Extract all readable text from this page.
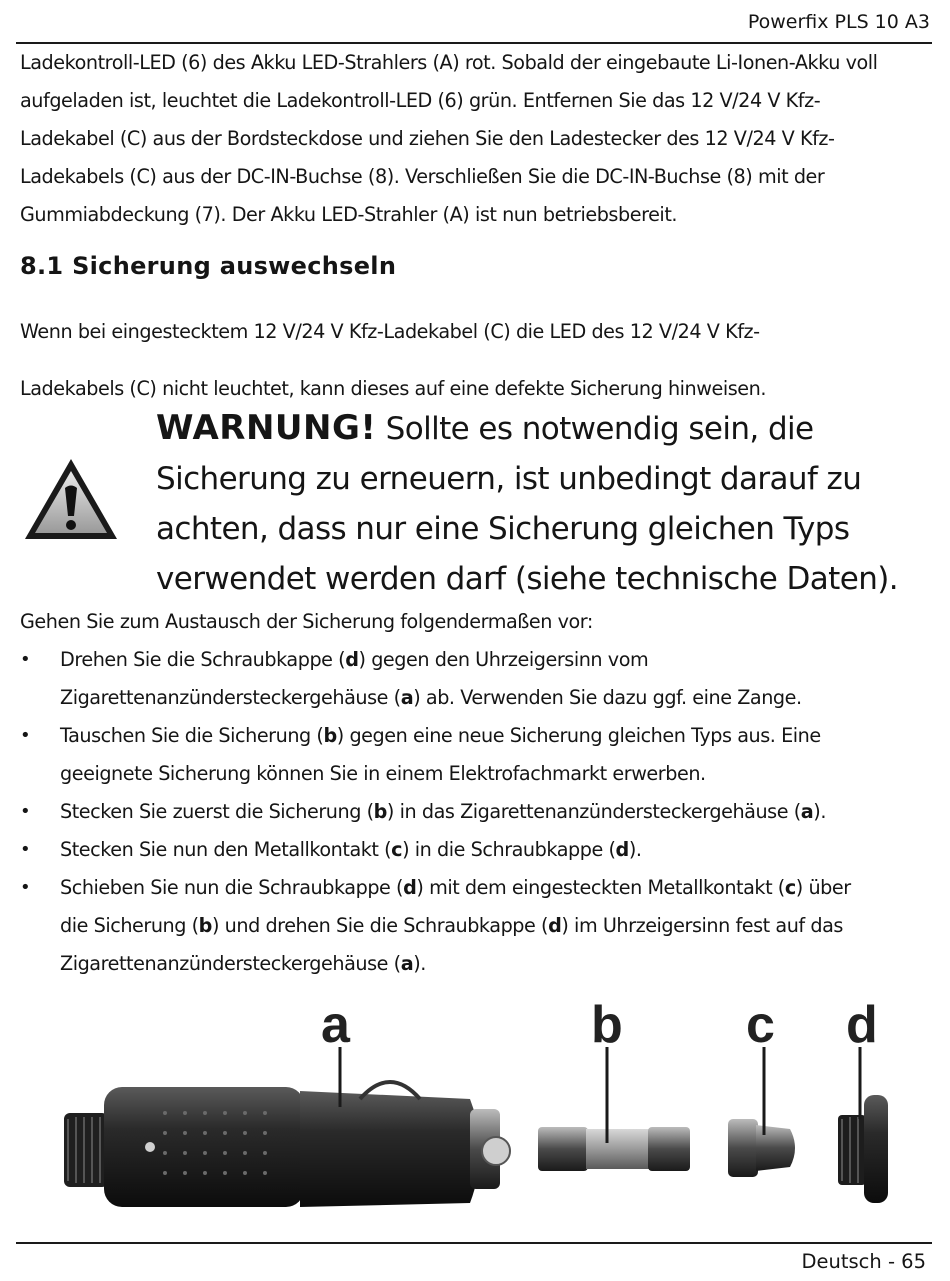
Powerfix PLS 10 A3

Ladekontroll-LED (6) des Akku LED-Strahlers (A) rot. Sobald der eingebaute Li-Ionen-Akku voll

aufgeladen ist, leuchtet die Ladekontroll-LED (6) grün. Entfernen Sie das 12 V/24 V Kfz-

Ladekabel (C) aus der Bordsteckdose und ziehen Sie den Ladestecker des 12 V/24 V Kfz-

Ladekabels (C) aus der DC-IN-Buchse (8). Verschließen Sie die DC-IN-Buchse (8) mit der

Gummiabdeckung (7). Der Akku LED-Strahler (A) ist nun betriebsbereit.

8.1 Sicherung auswechseln

Wenn bei eingestecktem 12 V/24 V Kfz-Ladekabel (C) die LED des 12 V/24 V Kfz-

Ladekabels (C) nicht leuchtet, kann dieses auf eine defekte Sicherung hinweisen.

WARNUNG! Sollte es notwendig sein, die
Sicherung zu erneuern, ist unbedingt darauf zu
achten, dass nur eine Sicherung gleichen Typs
verwendet werden darf (siehe technische Daten).
Gehen Sie zum Austausch der Sicherung folgendermaßen vor:
• Drehen Sie die Schraubkappe (d) gegen den Uhrzeigersinn vom
Zigarettenanzündersteckergehäuse (a) ab. Verwenden Sie dazu ggf. eine Zange.
• Tauschen Sie die Sicherung (b) gegen eine neue Sicherung gleichen Typs aus. Eine
geeignete Sicherung können Sie in einem Elektrofachmarkt erwerben.
• Stecken Sie zuerst die Sicherung (b) in das Zigarettenanzündersteckergehäuse (a).
• Stecken Sie nun den Metallkontakt (c) in die Schraubkappe (d).
• Schieben Sie nun die Schraubkappe (d) mit dem eingesteckten Metallkontakt (c) über
die Sicherung (b) und drehen Sie die Schraubkappe (d) im Uhrzeigersinn fest auf das
Zigarettenanzündersteckergehäuse (a).
a	b c d
Deutsch - 65
